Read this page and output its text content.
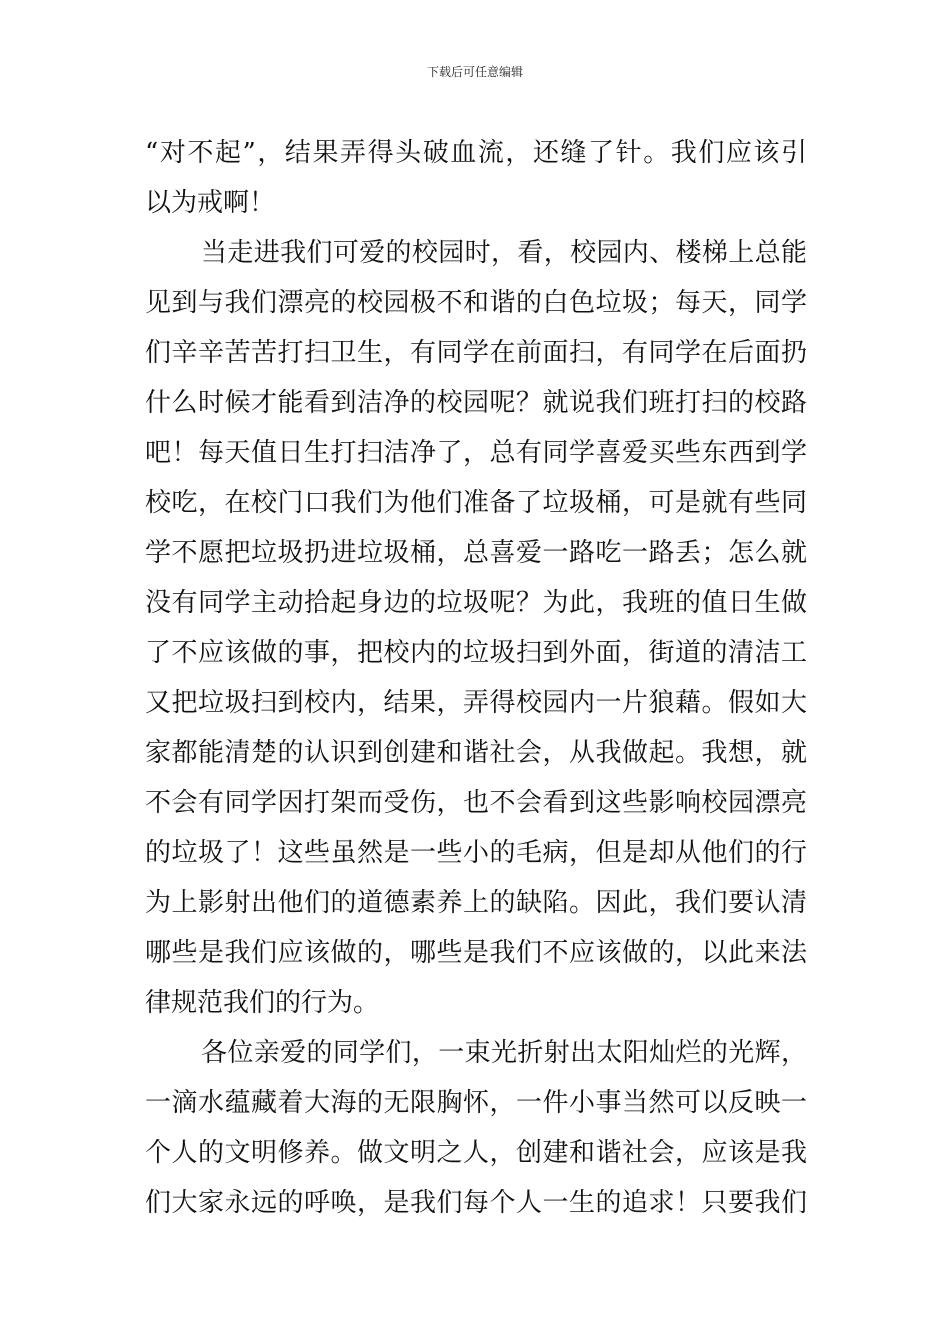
下载后可任意编辑
“对不起”，结果弄得头破血流，还缝了针。我们应该引
以为戒啊！
当走进我们可爱的校园时，看，校园内、楼梯上总能
见到与我们漂亮的校园极不和谐的白色垃圾；每天，同学
们辛辛苦苦打扫卫生，有同学在前面扫，有同学在后面扔
什么时候才能看到洁净的校园呢？就说我们班打扫的校路
吧！每天值日生打扫洁净了，总有同学喜爱买些东西到学
校吃，在校门口我们为他们准备了垃圾桶，可是就有些同
学不愿把垃圾扔进垃圾桶，总喜爱一路吃一路丢；怎么就
没有同学主动拾起身边的垃圾呢？为此，我班的值日生做
了不应该做的事，把校内的垃圾扫到外面，街道的清洁工
又把垃圾扫到校内，结果，弄得校园内一片狼藉。假如大
家都能清楚的认识到创建和谐社会，从我做起。我想，就
不会有同学因打架而受伤，也不会看到这些影响校园漂亮
的垃圾了！这些虽然是一些小的毛病，但是却从他们的行
为上影射出他们的道德素养上的缺陷。因此，我们要认清
哪些是我们应该做的，哪些是我们不应该做的，以此来法
律规范我们的行为。
各位亲爱的同学们，一束光折射出太阳灿烂的光辉，
一滴水蕴藏着大海的无限胸怀，一件小事当然可以反映一
个人的文明修养。做文明之人，创建和谐社会，应该是我
们大家永远的呼唤，是我们每个人一生的追求！只要我们
